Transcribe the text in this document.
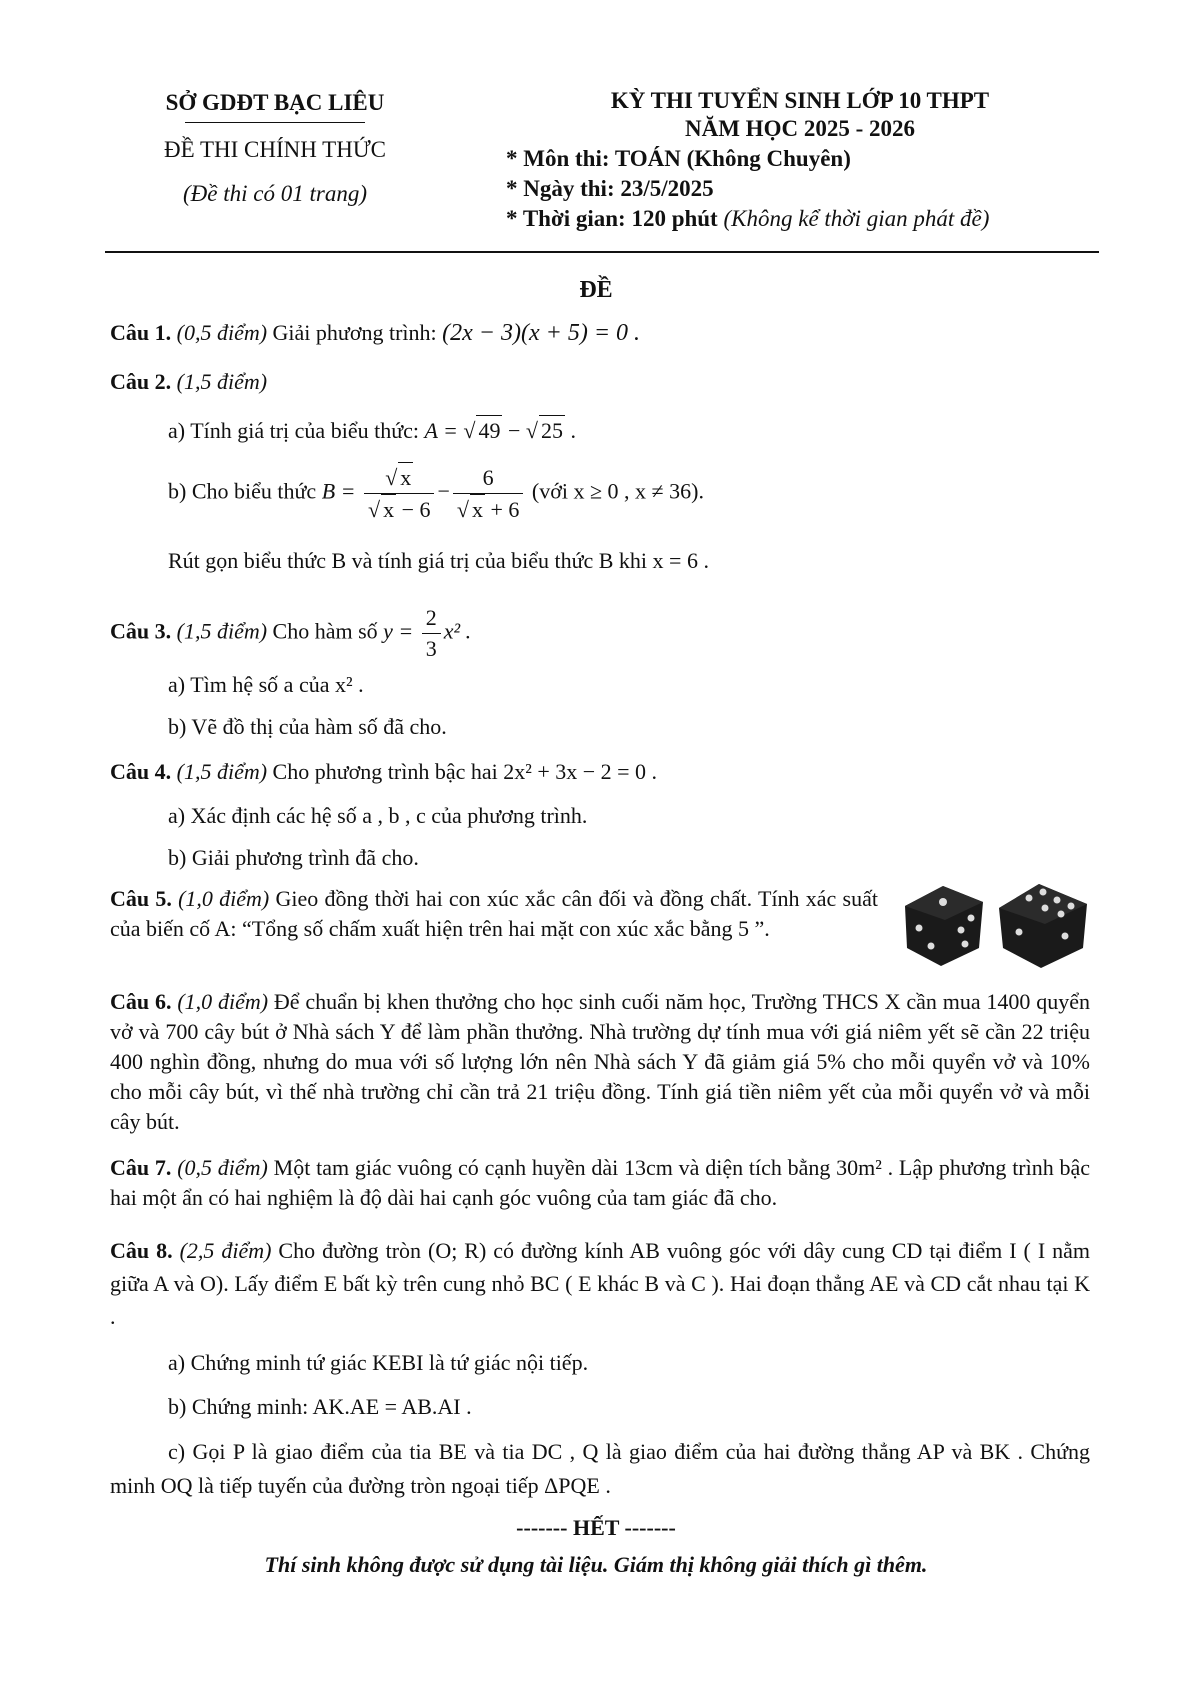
SỞ GDĐT BẠC LIÊU
ĐỀ THI CHÍNH THỨC
(Đề thi có 01 trang)
KỲ THI TUYỂN SINH LỚP 10 THPT
NĂM HỌC 2025 - 2026
* Môn thi: TOÁN (Không Chuyên)
* Ngày thi: 23/5/2025
* Thời gian: 120 phút (Không kể thời gian phát đề)
ĐỀ
Câu 1. (0,5 điểm) Giải phương trình: (2x − 3)(x + 5) = 0 .
Câu 2. (1,5 điểm)
a) Tính giá trị của biểu thức: A = √ 49 − √ 25 .
b) Cho biểu thức $B = \frac{√ x}{√ x - 6} - \frac{6}{√ x + 6}$ (với x ≥ 0 , x ≠ 36).
Rút gọn biểu thức B và tính giá trị của biểu thức B khi x = 6 .
Câu 3. (1,5 điểm) Cho hàm số $y = \frac{2}{3} x^2$ .
a) Tìm hệ số a của x² .
b) Vẽ đồ thị của hàm số đã cho.
Câu 4. (1,5 điểm) Cho phương trình bậc hai 2x² + 3x − 2 = 0 .
a) Xác định các hệ số a , b , c của phương trình.
b) Giải phương trình đã cho.
Câu 5. (1,0 điểm) Gieo đồng thời hai con xúc xắc cân đối và đồng chất. Tính xác suất của biến cố A: “Tổng số chấm xuất hiện trên hai mặt con xúc xắc bằng 5 ”.
Câu 6. (1,0 điểm) Để chuẩn bị khen thưởng cho học sinh cuối năm học, Trường THCS X cần mua 1400 quyển vở và 700 cây bút ở Nhà sách Y để làm phần thưởng. Nhà trường dự tính mua với giá niêm yết sẽ cần 22 triệu 400 nghìn đồng, nhưng do mua với số lượng lớn nên Nhà sách Y đã giảm giá 5% cho mỗi quyển vở và 10% cho mỗi cây bút, vì thế nhà trường chỉ cần trả 21 triệu đồng. Tính giá tiền niêm yết của mỗi quyển vở và mỗi cây bút.
Câu 7. (0,5 điểm) Một tam giác vuông có cạnh huyền dài 13cm và diện tích bằng 30m² . Lập phương trình bậc hai một ẩn có hai nghiệm là độ dài hai cạnh góc vuông của tam giác đã cho.
Câu 8. (2,5 điểm) Cho đường tròn (O; R) có đường kính AB vuông góc với dây cung CD tại điểm I ( I nằm giữa A và O). Lấy điểm E bất kỳ trên cung nhỏ BC ( E khác B và C ). Hai đoạn thẳng AE và CD cắt nhau tại K .
a) Chứng minh tứ giác KEBI là tứ giác nội tiếp.
b) Chứng minh: AK.AE = AB.AI .
c) Gọi P là giao điểm của tia BE và tia DC , Q là giao điểm của hai đường thẳng AP và BK . Chứng minh OQ là tiếp tuyến của đường tròn ngoại tiếp ΔPQE .
------- HẾT -------
Thí sinh không được sử dụng tài liệu. Giám thị không giải thích gì thêm.
